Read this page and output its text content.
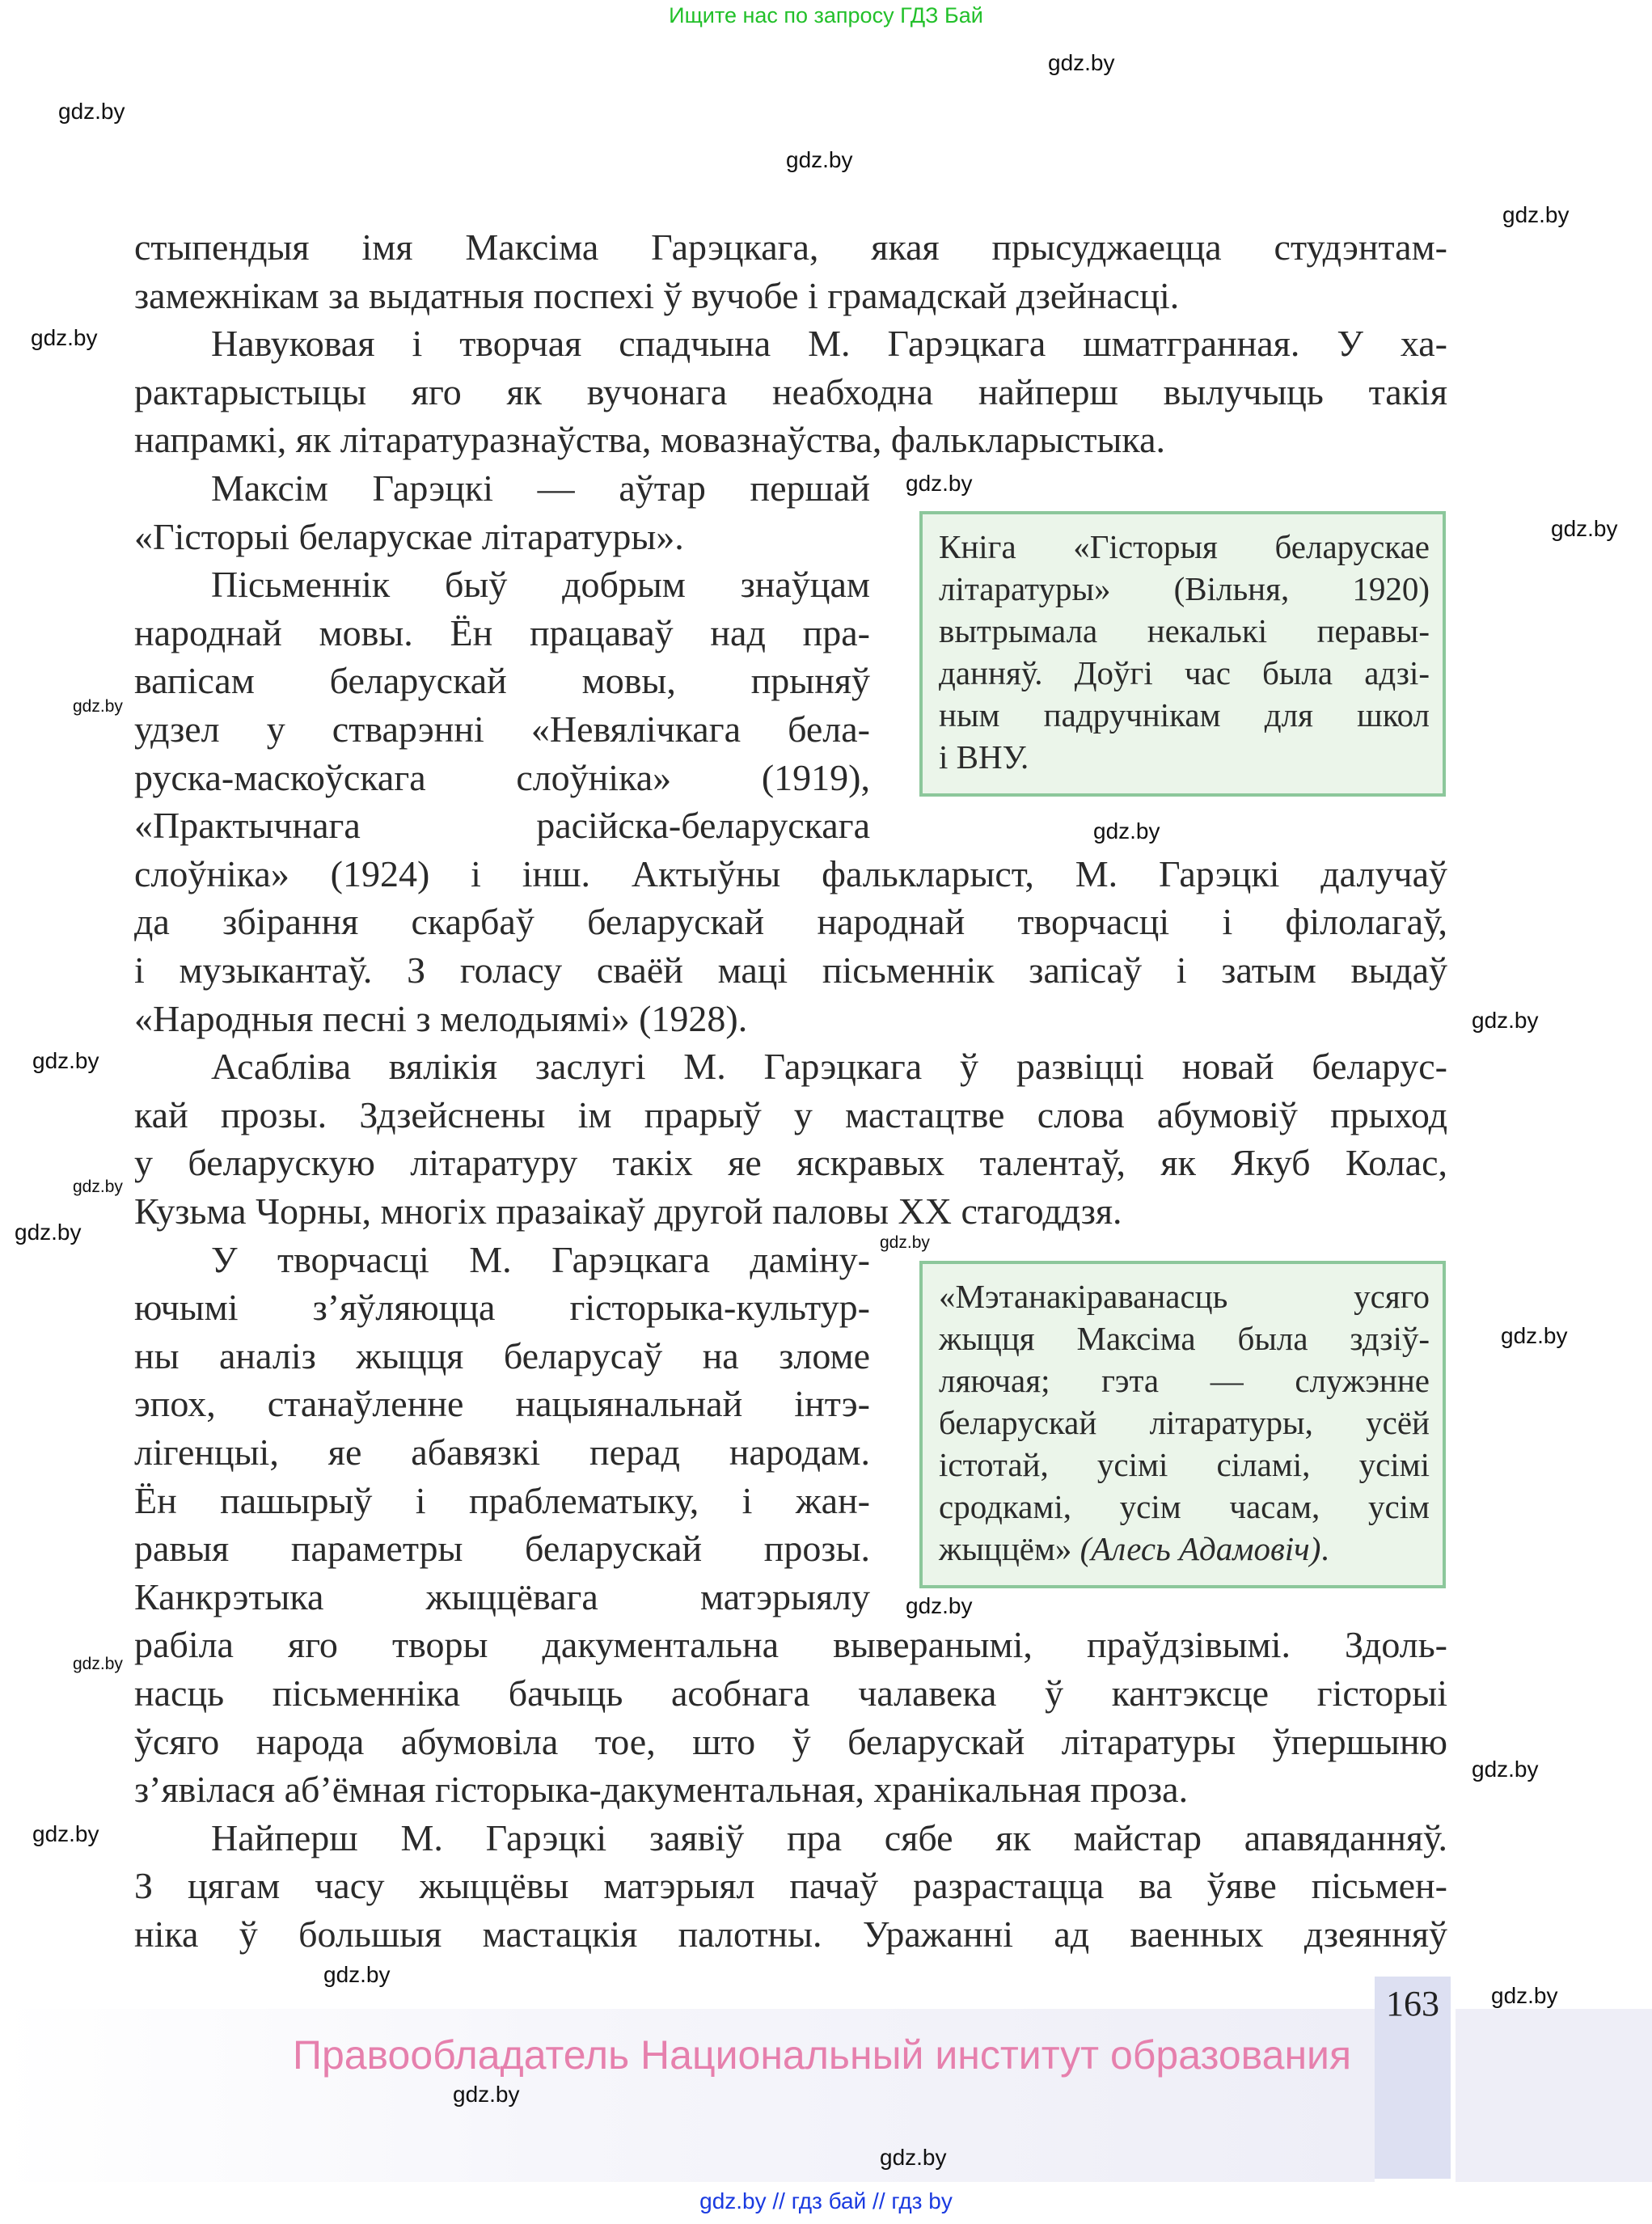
Ищите нас по запросу ГДЗ Бай
стыпендыя імя Максіма Гарэцкага, якая прысуджаецца студэнтам-
замежнікам за выдатныя поспехі ў вучобе і грамадскай дзейнасці.
Навуковая і творчая спадчына М. Гарэцкага шматгранная. У ха-
рактарыстыцы яго як вучонага неабходна найперш вылучыць такія
напрамкі, як літаратуразнаўства, мовазнаўства, фалькларыстыка.
Максім Гарэцкі — аўтар першай
«Гісторыі беларускае літаратуры».
Пісьменнік быў добрым знаўцам
народнай мовы. Ён працаваў над пра-
вапісам беларускай мовы, прыняў
удзел у стварэнні «Невялічкага бела-
руска-маскоўскага слоўніка» (1919),
«Практычнага расійска-беларускага
слоўніка» (1924) і інш. Актыўны фалькларыст, М. Гарэцкі далучаў
да збірання скарбаў беларускай народнай творчасці і філолагаў,
і музыкантаў. З голасу сваёй маці пісьменнік запісаў і затым выдаў
«Народныя песні з мелодыямі» (1928).
Асабліва вялікія заслугі М. Гарэцкага ў развіцці новай беларус-
кай прозы. Здзейснены ім прарыў у мастацтве слова абумовіў прыход
у беларускую літаратуру такіх яе яскравых талентаў, як Якуб Колас,
Кузьма Чорны, многіх празаікаў другой паловы XX стагоддзя.
У творчасці М. Гарэцкага даміну-
ючымі з’яўляюцца гісторыка-культур-
ны аналіз жыцця беларусаў на зломе
эпох, станаўленне нацыянальнай інтэ-
лігенцыі, яе абавязкі перад народам.
Ён пашырыў і праблематыку, і жан-
равыя параметры беларускай прозы.
Канкрэтыка жыццёвага матэрыялу
рабіла яго творы дакументальна выверанымі, праўдзівымі. Здоль-
насць пісьменніка бачыць асобнага чалавека ў кантэксце гісторыі
ўсяго народа абумовіла тое, што ў беларускай літаратуры ўпершыню
з’явілася аб’ёмная гісторыка-дакументальная, хранікальная проза.
Найперш М. Гарэцкі заявіў пра сябе як майстар апавяданняў.
З цягам часу жыццёвы матэрыял пачаў разрастацца ва ўяве пісьмен-
ніка ў большыя мастацкія палотны. Уражанні ад ваенных дзеянняў
Кніга «Гісторыя беларускае
літаратуры» (Вільня, 1920)
вытрымала некалькі перавы-
данняў. Доўгі час была адзі-
ным падручнікам для школ
і ВНУ.
«Мэтанакіраванасць усяго
жыцця Максіма была здзіў-
ляючая; гэта — служэнне
беларускай літаратуры, усёй
істотай, усімі сіламі, усімі
сродкамі, усім часам, усім
жыццём» (Алесь Адамовіч).
163
Правообладатель Национальный институт образования
gdz.by // гдз бай // гдз by
gdz.by
gdz.by
gdz.by
gdz.by
gdz.by
gdz.by
gdz.by
gdz.by
gdz.by
gdz.by
gdz.by
gdz.by
gdz.by	gdz.by
gdz.by
gdz.by
gdz.by
gdz.by
gdz.by
gdz.by
gdz.by
gdz.by
gdz.by
